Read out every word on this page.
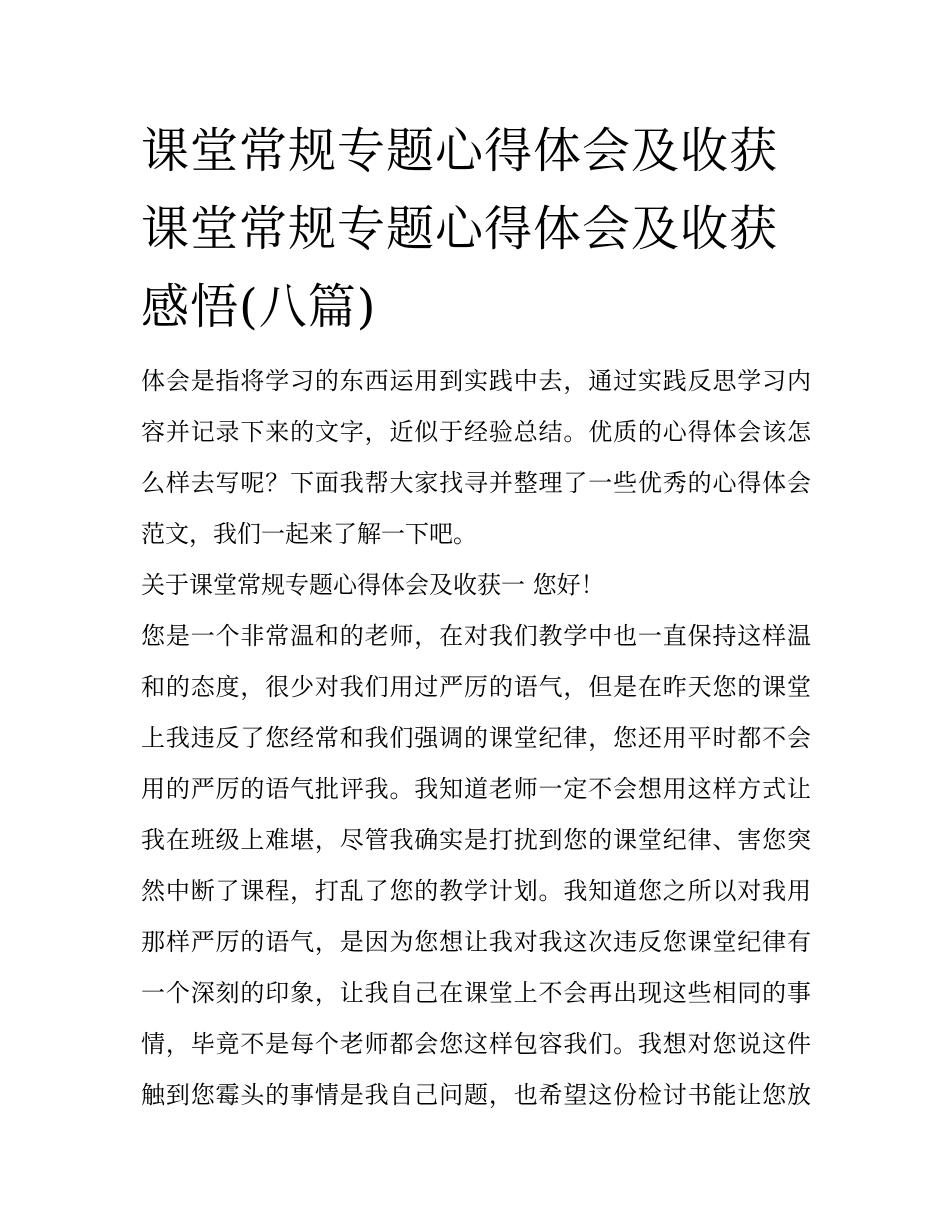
课堂常规专题心得体会及收获
课堂常规专题心得体会及收获
感悟(八篇)
体会是指将学习的东西运用到实践中去，通过实践反思学习内
容并记录下来的文字，近似于经验总结。优质的心得体会该怎
么样去写呢？下面我帮大家找寻并整理了一些优秀的心得体会
范文，我们一起来了解一下吧。
关于课堂常规专题心得体会及收获一 您好！
您是一个非常温和的老师，在对我们教学中也一直保持这样温
和的态度，很少对我们用过严厉的语气，但是在昨天您的课堂
上我违反了您经常和我们强调的课堂纪律，您还用平时都不会
用的严厉的语气批评我。我知道老师一定不会想用这样方式让
我在班级上难堪，尽管我确实是打扰到您的课堂纪律、害您突
然中断了课程，打乱了您的教学计划。我知道您之所以对我用
那样严厉的语气，是因为您想让我对我这次违反您课堂纪律有
一个深刻的印象，让我自己在课堂上不会再出现这些相同的事
情，毕竟不是每个老师都会您这样包容我们。我想对您说这件
触到您霉头的事情是我自己问题，也希望这份检讨书能让您放
